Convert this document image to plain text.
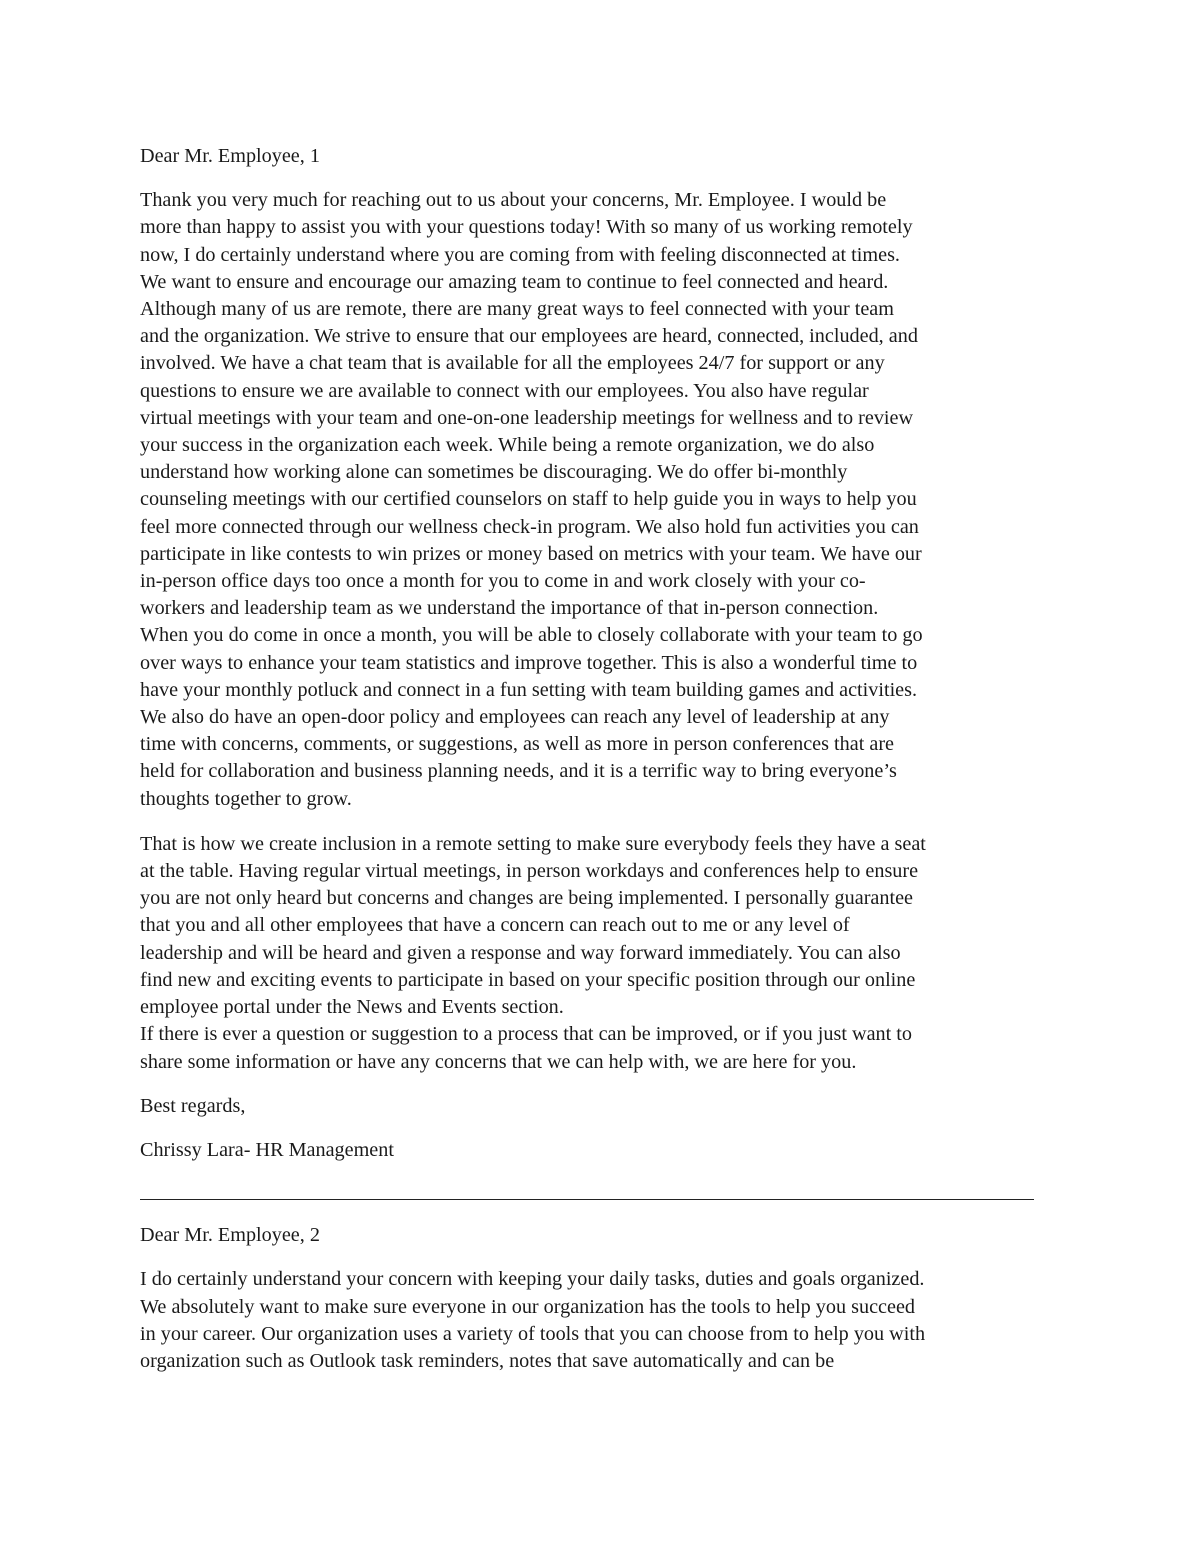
Dear Mr. Employee, 1

Thank you very much for reaching out to us about your concerns, Mr. Employee. I would be
more than happy to assist you with your questions today! With so many of us working remotely
now, I do certainly understand where you are coming from with feeling disconnected at times.
We want to ensure and encourage our amazing team to continue to feel connected and heard.
Although many of us are remote, there are many great ways to feel connected with your team
and the organization. We strive to ensure that our employees are heard, connected, included, and
involved. We have a chat team that is available for all the employees 24/7 for support or any
questions to ensure we are available to connect with our employees. You also have regular
virtual meetings with your team and one-on-one leadership meetings for wellness and to review
your success in the organization each week. While being a remote organization, we do also
understand how working alone can sometimes be discouraging. We do offer bi-monthly
counseling meetings with our certified counselors on staff to help guide you in ways to help you
feel more connected through our wellness check-in program. We also hold fun activities you can
participate in like contests to win prizes or money based on metrics with your team. We have our
in-person office days too once a month for you to come in and work closely with your co-
workers and leadership team as we understand the importance of that in-person connection.
When you do come in once a month, you will be able to closely collaborate with your team to go
over ways to enhance your team statistics and improve together. This is also a wonderful time to
have your monthly potluck and connect in a fun setting with team building games and activities.
We also do have an open-door policy and employees can reach any level of leadership at any
time with concerns, comments, or suggestions, as well as more in person conferences that are
held for collaboration and business planning needs, and it is a terrific way to bring everyone’s
thoughts together to grow.

That is how we create inclusion in a remote setting to make sure everybody feels they have a seat
at the table. Having regular virtual meetings, in person workdays and conferences help to ensure
you are not only heard but concerns and changes are being implemented. I personally guarantee
that you and all other employees that have a concern can reach out to me or any level of
leadership and will be heard and given a response and way forward immediately. You can also
find new and exciting events to participate in based on your specific position through our online
employee portal under the News and Events section.

If there is ever a question or suggestion to a process that can be improved, or if you just want to
share some information or have any concerns that we can help with, we are here for you.

Best regards,

Chrissy Lara- HR Management

Dear Mr. Employee, 2

I do certainly understand your concern with keeping your daily tasks, duties and goals organized.
We absolutely want to make sure everyone in our organization has the tools to help you succeed
in your career. Our organization uses a variety of tools that you can choose from to help you with
organization such as Outlook task reminders, notes that save automatically and can be
